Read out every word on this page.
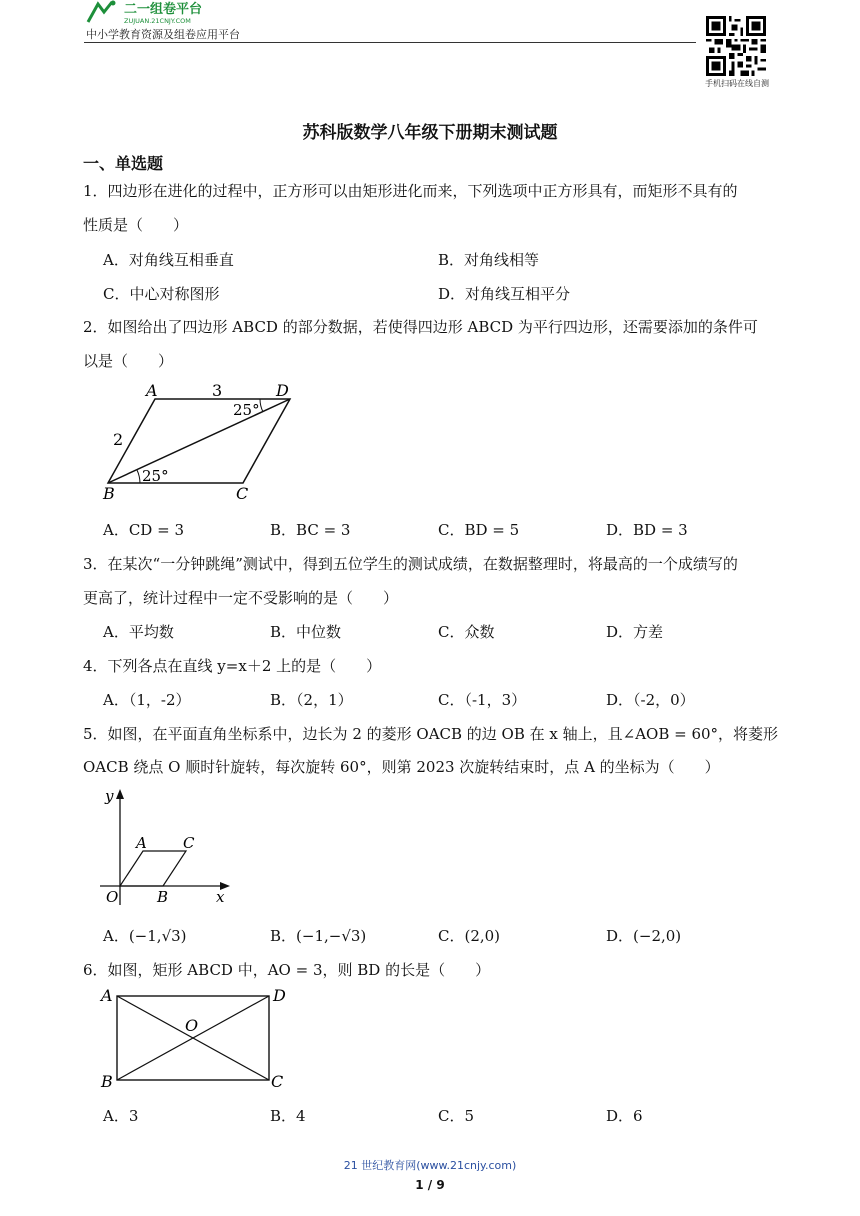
二一组卷平台
ZUJUAN.21CNJY.COM
中小学教育资源及组卷应用平台
手机扫码在线自测
苏科版数学八年级下册期末测试题
一、单选题
1．四边形在进化的过程中，正方形可以由矩形进化而来，下列选项中正方形具有，而矩形不具有的
性质是（　　）
A．对角线互相垂直	B．对角线相等
C．中心对称图形	D．对角线互相平分
2．如图给出了四边形 ABCD 的部分数据，若使得四边形 ABCD 为平行四边形，还需要添加的条件可
以是（　　）
A	D
B	C
3
2
25°
25°
A．CD = 3	B．BC = 3	C．BD = 5	D．BD = 3
3．在某次“一分钟跳绳”测试中，得到五位学生的测试成绩，在数据整理时，将最高的一个成绩写的
更高了，统计过程中一定不受影响的是（　　）
A．平均数	B．中位数	C．众数	D．方差
4．下列各点在直线 y=x＋2 上的是（　　）
A．（1，-2）	B．（2，1）	C．（-1，3）	D．（-2，0）
5．如图，在平面直角坐标系中，边长为 2 的菱形 OACB 的边 OB 在 x 轴上，且∠AOB = 60°，将菱形
OACB 绕点 O 顺时针旋转，每次旋转 60°，则第 2023 次旋转结束时，点 A 的坐标为（　　）
y
x
O
A C
B
A．(−1,√3)	B．(−1,−√3)	C．(2,0)	D．(−2,0)
6．如图，矩形 ABCD 中，AO = 3，则 BD 的长是（　　）
A	D
B	C
O
A．3	B．4	C．5	D．6
21 世纪教育网(www.21cnjy.com)
1 / 9
